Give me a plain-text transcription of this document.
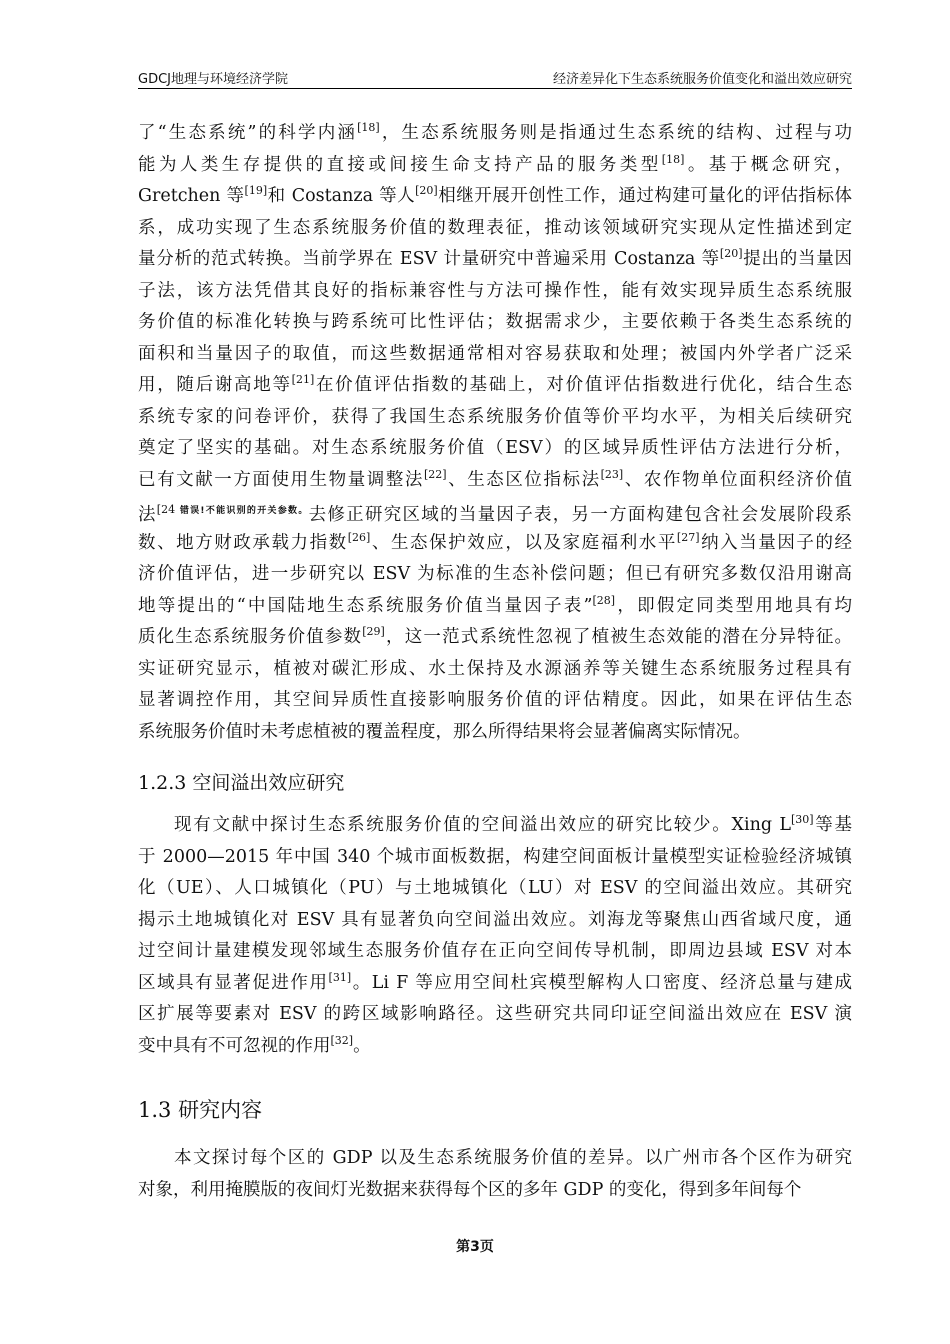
GDCJ地理与环境经济学院	经济差异化下生态系统服务价值变化和溢出效应研究
了“生态系统”的科学内涵[18]，生态系统服务则是指通过生态系统的结构、过程与功
能为人类生存提供的直接或间接生命支持产品的服务类型[18]。基于概念研究，
Gretchen 等[19]和 Costanza 等人[20]相继开展开创性工作，通过构建可量化的评估指标体
系，成功实现了生态系统服务价值的数理表征，推动该领域研究实现从定性描述到定
量分析的范式转换。当前学界在 ESV 计量研究中普遍采用 Costanza 等[20]提出的当量因
子法，该方法凭借其良好的指标兼容性与方法可操作性，能有效实现异质生态系统服
务价值的标准化转换与跨系统可比性评估；数据需求少，主要依赖于各类生态系统的
面积和当量因子的取值，而这些数据通常相对容易获取和处理；被国内外学者广泛采
用，随后谢高地等[21]在价值评估指数的基础上，对价值评估指数进行优化，结合生态
系统专家的问卷评价，获得了我国生态系统服务价值等价平均水平，为相关后续研究
奠定了坚实的基础。对生态系统服务价值（ESV）的区域异质性评估方法进行分析，
已有文献一方面使用生物量调整法[22]、生态区位指标法[23]、农作物单位面积经济价值
法$^{[24}$ $^{错误!不能识别的开关参数。}$去修正研究区域的当量因子表，另一方面构建包含社会发展阶段系
数、地方财政承载力指数[26]、生态保护效应，以及家庭福利水平[27]纳入当量因子的经
济价值评估，进一步研究以 ESV 为标准的生态补偿问题；但已有研究多数仅沿用谢高
地等提出的“中国陆地生态系统服务价值当量因子表”[28]，即假定同类型用地具有均
质化生态系统服务价值参数[29]，这一范式系统性忽视了植被生态效能的潜在分异特征。
实证研究显示，植被对碳汇形成、水土保持及水源涵养等关键生态系统服务过程具有
显著调控作用，其空间异质性直接影响服务价值的评估精度。因此，如果在评估生态
系统服务价值时未考虑植被的覆盖程度，那么所得结果将会显著偏离实际情况。
1.2.3 空间溢出效应研究
现有文献中探讨生态系统服务价值的空间溢出效应的研究比较少。Xing L[30]等基
于 2000—2015 年中国 340 个城市面板数据，构建空间面板计量模型实证检验经济城镇
化（UE）、人口城镇化（PU）与土地城镇化（LU）对 ESV 的空间溢出效应。其研究
揭示土地城镇化对 ESV 具有显著负向空间溢出效应。刘海龙等聚焦山西省域尺度，通
过空间计量建模发现邻域生态服务价值存在正向空间传导机制，即周边县域 ESV 对本
区域具有显著促进作用[31]。Li F 等应用空间杜宾模型解构人口密度、经济总量与建成
区扩展等要素对 ESV 的跨区域影响路径。这些研究共同印证空间溢出效应在 ESV 演
变中具有不可忽视的作用[32]。
1.3 研究内容
本文探讨每个区的 GDP 以及生态系统服务价值的差异。以广州市各个区作为研究
对象，利用掩膜版的夜间灯光数据来获得每个区的多年 GDP 的变化，得到多年间每个
第3页
